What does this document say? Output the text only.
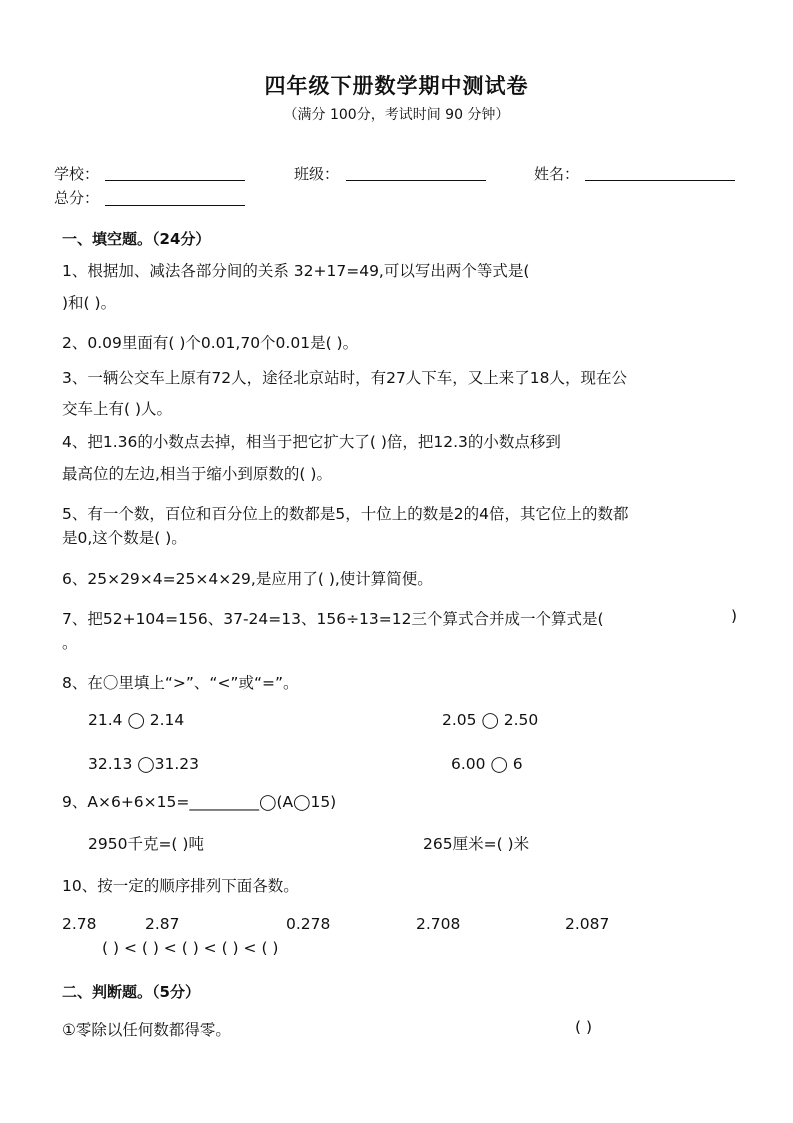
四年级下册数学期中测试卷
（满分 100分，考试时间 90 分钟）
学校：	班级：	姓名：
总分：
一、填空题。（24分）
1、根据加、减法各部分间的关系 32+17=49,可以写出两个等式是(
)和( )。
2、0.09里面有( )个0.01,70个0.01是( )。
3、一辆公交车上原有72人，途径北京站时，有27人下车，又上来了18人，现在公
交车上有( )人。
4、把1.36的小数点去掉，相当于把它扩大了( )倍，把12.3的小数点移到
最高位的左边,相当于缩小到原数的( )。
5、有一个数，百位和百分位上的数都是5，十位上的数是2的4倍，其它位上的数都
是0,这个数是( )。
6、25×29×4=25×4×29,是应用了( ),使计算简便。
7、把52+104=156、37-24=13、156÷13=12三个算式合并成一个算式是(	)
。
8、在〇里填上“>”、“<”或“=”。
21.4 ◯ 2.14	2.05 ◯ 2.50
32.13 ◯31.23	6.00 ◯ 6
9、A×6+6×15=_________◯(A◯15)
2950千克=( )吨	265厘米=( )米
10、按一定的顺序排列下面各数。
2.78	2.87	0.278	2.708	2.087
( ) < ( ) < ( ) < ( ) < ( )
二、判断题。（5分）
①零除以任何数都得零。	( )
